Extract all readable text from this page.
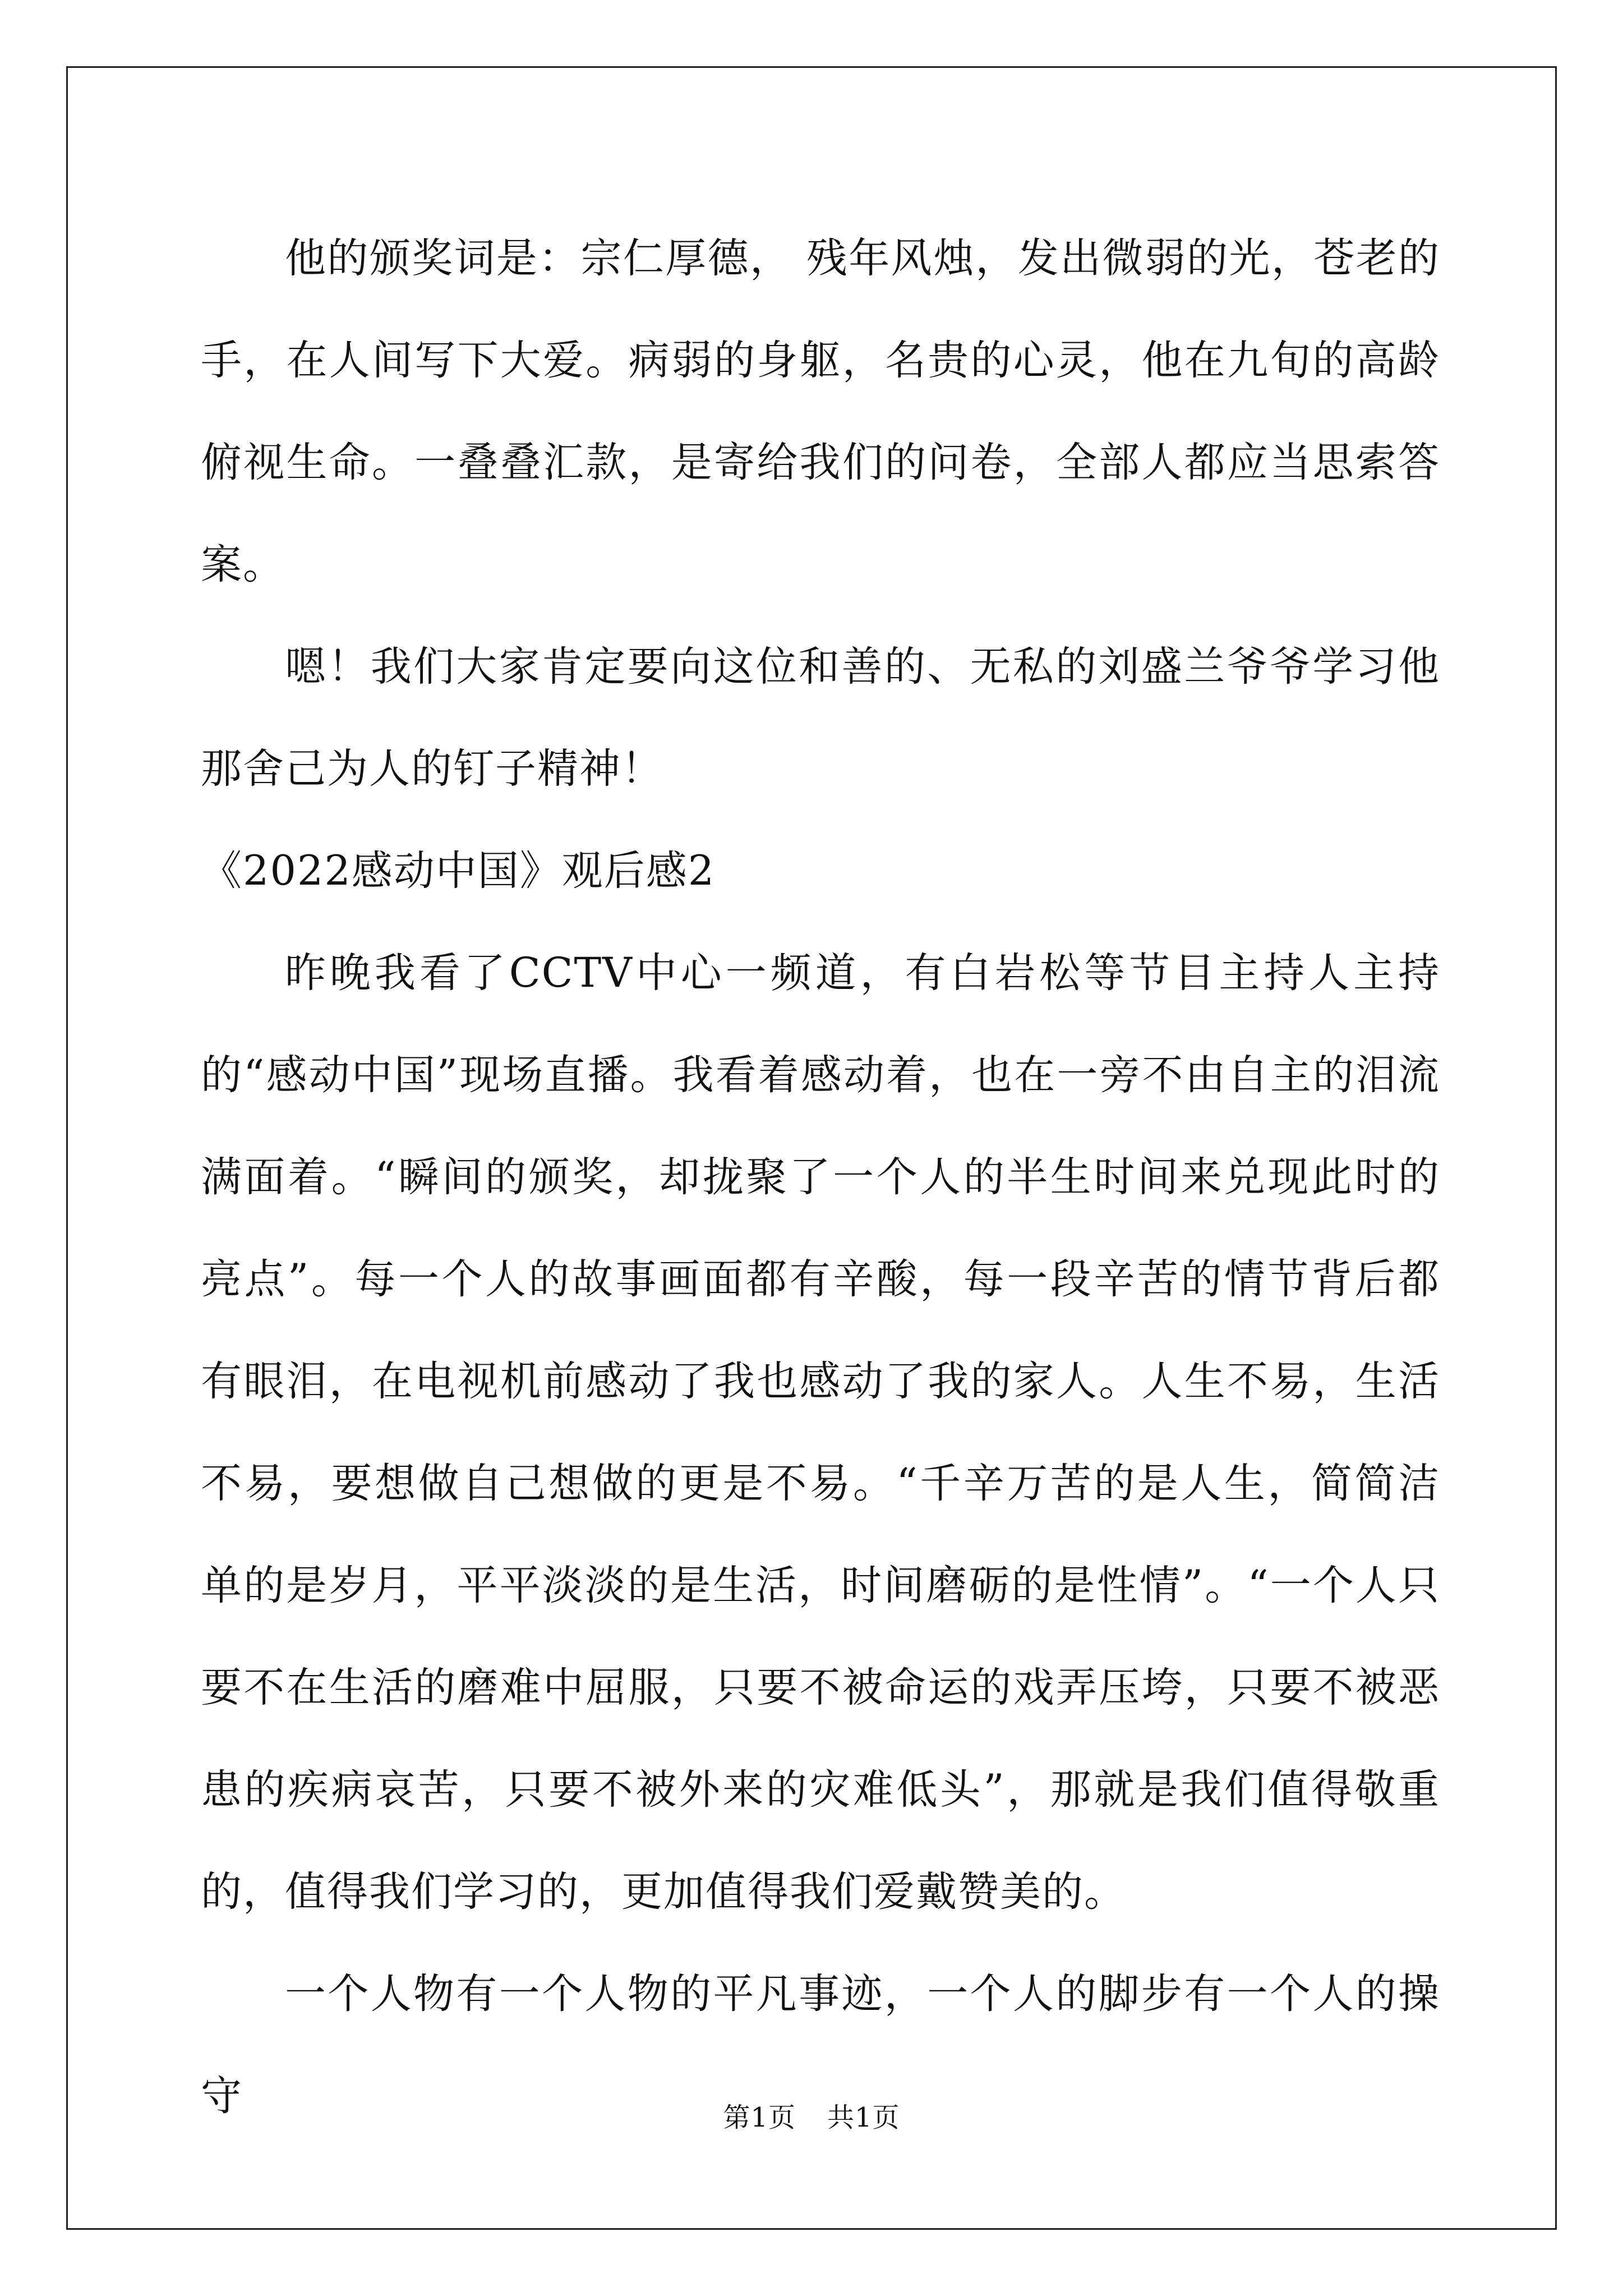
他的颁奖词是：宗仁厚德， 残年风烛，发出微弱的光，苍老的手，在人间写下大爱。病弱的身躯，名贵的心灵，他在九旬的高龄俯视生命。一叠叠汇款，是寄给我们的问卷，全部人都应当思索答案。

嗯！我们大家肯定要向这位和善的、无私的刘盛兰爷爷学习他那舍己为人的钉子精神！

《2022感动中国》观后感2

昨晚我看了CCTV中心一频道，有白岩松等节目主持人主持的“感动中国”现场直播。我看着感动着，也在一旁不由自主的泪流满面着。“瞬间的颁奖，却拢聚了一个人的半生时间来兑现此时的亮点”。每一个人的故事画面都有辛酸，每一段辛苦的情节背后都有眼泪，在电视机前感动了我也感动了我的家人。人生不易，生活不易，要想做自己想做的更是不易。“千辛万苦的是人生，简简洁单的是岁月，平平淡淡的是生活，时间磨砺的是性情”。“一个人只要不在生活的磨难中屈服，只要不被命运的戏弄压垮，只要不被恶患的疾病哀苦，只要不被外来的灾难低头”，那就是我们值得敬重的，值得我们学习的，更加值得我们爱戴赞美的。

一个人物有一个人物的平凡事迹，一个人的脚步有一个人的操守	第1页 共1页
